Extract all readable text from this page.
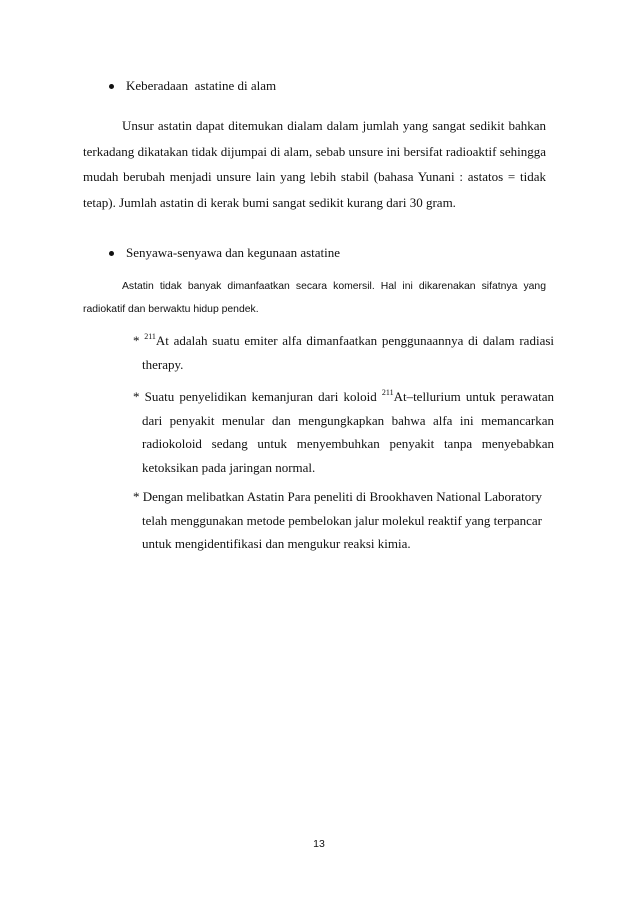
Keberadaan  astatine di alam

Unsur astatin dapat ditemukan dialam dalam jumlah yang sangat sedikit bahkan terkadang dikatakan tidak dijumpai di alam, sebab unsure ini bersifat radioaktif sehingga mudah berubah menjadi unsure lain yang lebih stabil (bahasa Yunani : astatos = tidak tetap). Jumlah astatin di kerak bumi sangat sedikit kurang dari 30 gram.

Senyawa-senyawa dan kegunaan astatine

Astatin tidak banyak dimanfaatkan secara komersil. Hal ini dikarenakan sifatnya yang radiokatif dan berwaktu hidup pendek.

* $^{211}$At adalah suatu emiter alfa dimanfaatkan penggunaannya di dalam radiasi therapy.

* Suatu penyelidikan kemanjuran dari koloid $^{211}$At–tellurium untuk perawatan dari penyakit menular dan mengungkapkan bahwa alfa ini memancarkan radiokoloid sedang untuk menyembuhkan penyakit tanpa menyebabkan ketoksikan pada jaringan normal.

* Dengan melibatkan Astatin Para peneliti di Brookhaven National Laboratory telah menggunakan metode pembelokan jalur molekul reaktif yang terpancar untuk mengidentifikasi dan mengukur reaksi kimia.

13
